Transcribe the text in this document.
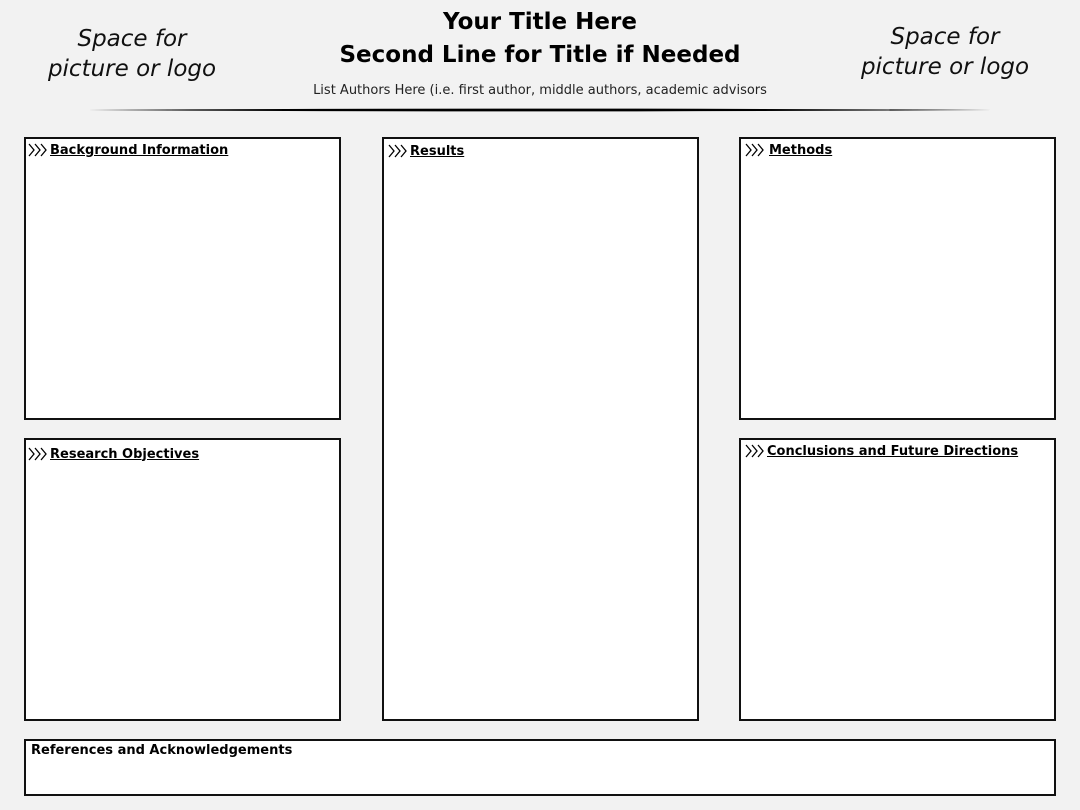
Space for
picture or logo
Space for
picture or logo
Your Title Here
Second Line for Title if Needed
List Authors Here (i.e. first author, middle authors, academic advisors
Background Information
Research Objectives
Results	Methods
Conclusions and Future Directions
References and Acknowledgements
